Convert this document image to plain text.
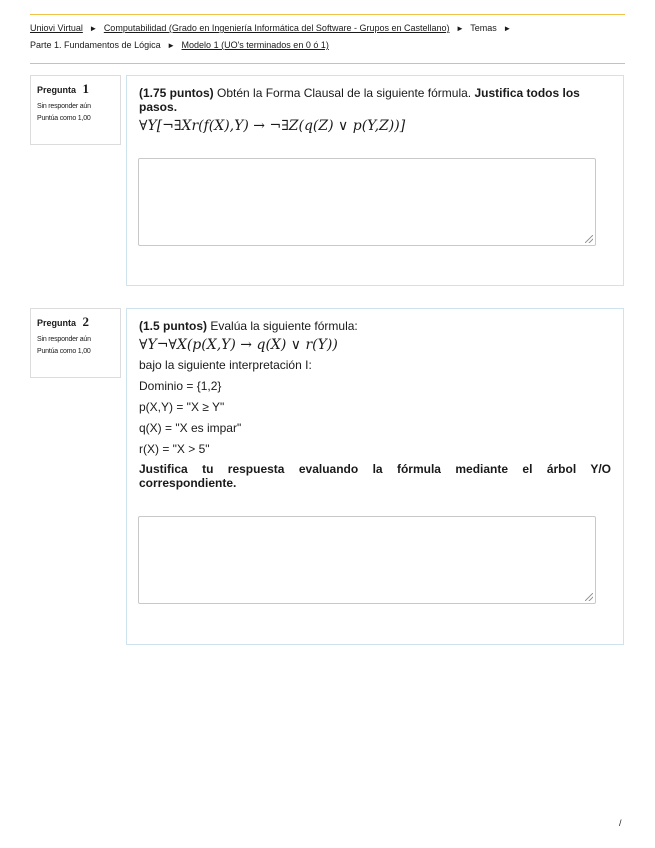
Uniovi Virtual ► Computabilidad (Grado en Ingeniería Informática del Software - Grupos en Castellano) ► Temas ►
Parte 1. Fundamentos de Lógica ► Modelo 1 (UO's terminados en 0 ó 1)
Pregunta 1
Sin responder aún
Puntúa como 1,00

(1.75 puntos) Obtén la Forma Clausal de la siguiente fórmula. Justifica todos los pasos.

∀Y[¬∃Xr(f(X),Y) → ¬∃Z(q(Z) ∨ p(Y,Z))]
Pregunta 2
Sin responder aún
Puntúa como 1,00

(1.5 puntos) Evalúa la siguiente fórmula:

∀Y¬∀X(p(X,Y) → q(X) ∨ r(Y))
bajo la siguiente interpretación I:
Dominio = {1,2}
p(X,Y) = "X ≥ Y"
q(X) = "X es impar"
r(X) = "X > 5"

Justifica tu respuesta evaluando la fórmula mediante el árbol Y/O correspondiente.

/
